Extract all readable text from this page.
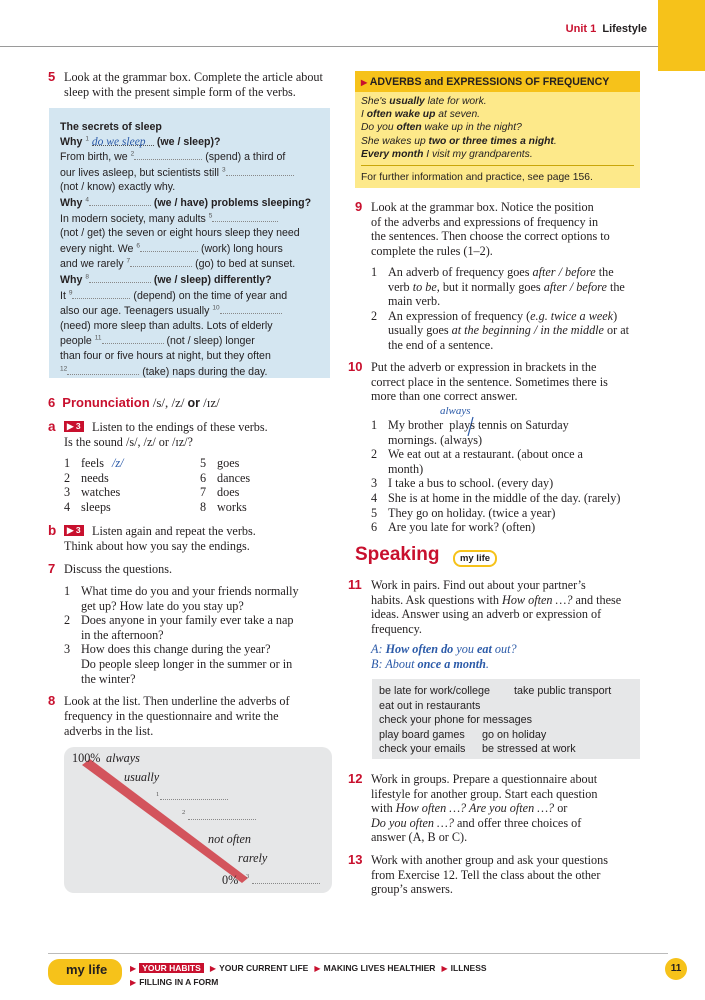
Unit 1 Lifestyle
5 Look at the grammar box. Complete the article about
sleep with the present simple form of the verbs.
The secrets of sleep
Why $^1$ do we sleep (we / sleep)?
From birth, we $^2$	(spend) a third of
our lives asleep, but scientists still $^3$
(not / know) exactly why.
Why $^4$	(we / have) problems sleeping?
In modern society, many adults $^5$
(not / get) the seven or eight hours sleep they need
every night. We $^6$	(work) long hours
and we rarely $^7$	(go) to bed at sunset.
Why $^8$	(we / sleep) differently?
It $^9$	(depend) on the time of year and
also our age. Teenagers usually $^{10}$
(need) more sleep than adults. Lots of elderly
people $^{11}$	(not / sleep) longer
than four or five hours at night, but they often
$^{12}$	(take) naps during the day.
6 Pronunciation /s/, /z/ or /ɪz/
a	▶ 3 Listen to the endings of these verbs.
Is the sound /s/, /z/ or /ɪz/?
1 feels /z/
2 needs
3 watches
4 sleeps
5 goes
6 dances
7 does
8 works
b	▶ 3 Listen again and repeat the verbs.
Think about how you say the endings.
7 Discuss the questions.
1 What time do you and your friends normally
get up? How late do you stay up?
2 Does anyone in your family ever take a nap
in the afternoon?
3 How does this change during the year?
Do people sleep longer in the summer or in
the winter?
8 Look at the list. Then underline the adverbs of
frequency in the questionnaire and write the
adverbs in the list.
100% always
usually
1
2
not often
rarely
0% 3
▶ ADVERBS and EXPRESSIONS OF FREQUENCY
She's usually late for work.
I often wake up at seven.
Do you often wake up in the night?
She wakes up two or three times a night.
Every month I visit my grandparents.
For further information and practice, see page 156.
9 Look at the grammar box. Notice the position
of the adverbs and expressions of frequency in
the sentences. Then choose the correct options to
complete the rules (1–2).
1 An adverb of frequency goes after / before the
verb to be, but it normally goes after / before the
main verb.
2 An expression of frequency (e.g. twice a week)
usually goes at the beginning / in the middle or at
the end of a sentence.
10 Put the adverb or expression in brackets in the
correct place in the sentence. Sometimes there is
more than one correct answer.
always
1 My brother plays tennis on Saturday
mornings. (always)
2 We eat out at a restaurant. (about once a
month)
3 I take a bus to school. (every day)
4 She is at home in the middle of the day. (rarely)
5 They go on holiday. (twice a year)
6 Are you late for work? (often)
Speaking	my life
11 Work in pairs. Find out about your partner’s
habits. Ask questions with How often …? and these
ideas. Answer using an adverb or expression of
frequency.
A: How often do you eat out?
B: About once a month.
be late for work/college take public transport
eat out in restaurants
check your phone for messages
play board games go on holiday
check your emails be stressed at work
12 Work in groups. Prepare a questionnaire about
lifestyle for another group. Start each question
with How often …? Are you often …? or
Do you often …? and offer three choices of
answer (A, B or C).
13 Work with another group and ask your questions
from Exercise 12. Tell the class about the other
group’s answers.
my life	▶ YOUR HABITS ▶ YOUR CURRENT LIFE ▶ MAKING LIVES HEALTHIER ▶ ILLNESS
▶ FILLING IN A FORM
11
